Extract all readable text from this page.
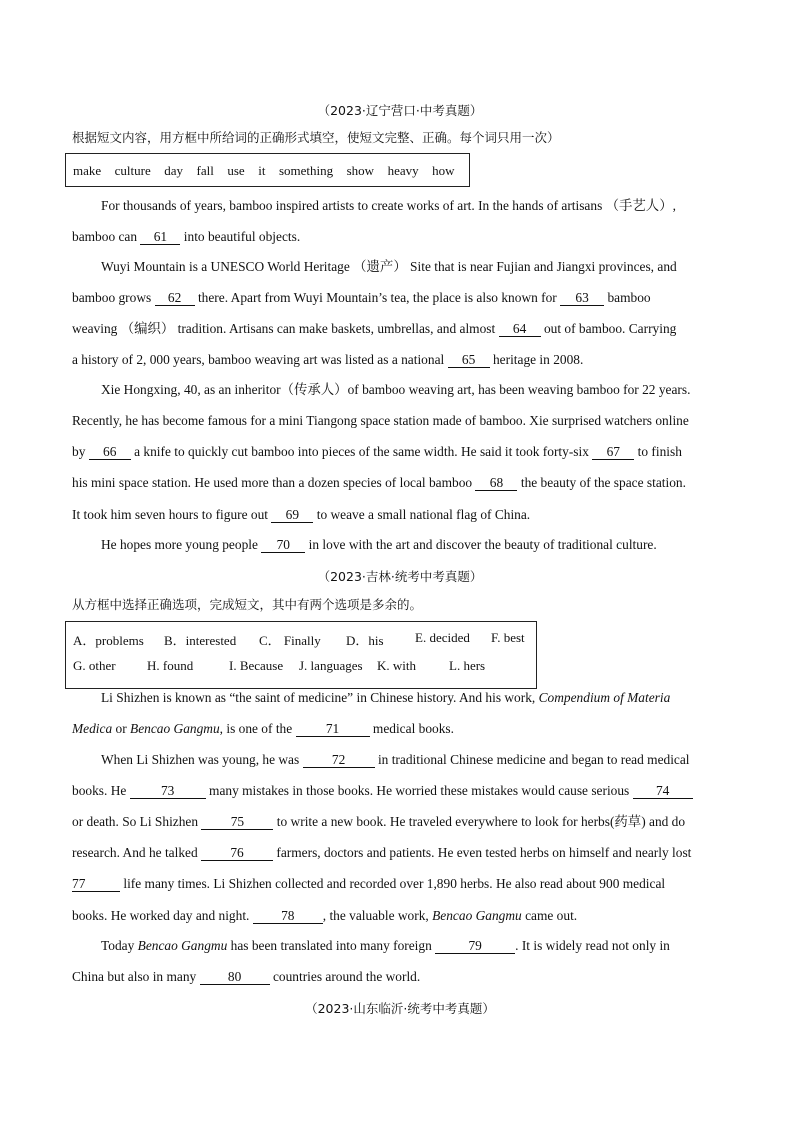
（2023·辽宁营口·中考真题）
根据短文内容，用方框中所给词的正确形式填空，使短文完整、正确。每个词只用一次）
make culture day fall use it something show heavy how
For thousands of years, bamboo inspired artists to create works of art. In the hands of artisans （手艺人）,
bamboo can 61 into beautiful objects.
Wuyi Mountain is a UNESCO World Heritage （遗产） Site that is near Fujian and Jiangxi provinces, and
bamboo grows 62 there. Apart from Wuyi Mountain’s tea, the place is also known for 63 bamboo
weaving （编织） tradition. Artisans can make baskets, umbrellas, and almost 64 out of bamboo. Carrying
a history of 2, 000 years, bamboo weaving art was listed as a national 65 heritage in 2008.
Xie Hongxing, 40, as an inheritor（传承人）of bamboo weaving art, has been weaving bamboo for 22 years.
Recently, he has become famous for a mini Tiangong space station made of bamboo. Xie surprised watchers online
by 66 a knife to quickly cut bamboo into pieces of the same width. He said it took forty-six 67 to finish
his mini space station. He used more than a dozen species of local bamboo 68 the beauty of the space station.
It took him seven hours to figure out 69 to weave a small national flag of China.
He hopes more young people 70 in love with the art and discover the beauty of traditional culture.
（2023·吉林·统考中考真题）
从方框中选择正确选项，完成短文，其中有两个选项是多余的。
A．problems B．interested C． Finally D．his E. decided F. best
G. other H. found	I. Because J. languages K. with	L. hers
Li Shizhen is known as “the saint of medicine” in Chinese history. And his work, Compendium of Materia
Medica or Bencao Gangmu, is one of the	71	medical books.
When Li Shizhen was young, he was 72 in traditional Chinese medicine and began to read medical
books. He	73	many mistakes in those books. He worried these mistakes would cause serious 74
or death. So Li Shizhen 75 to write a new book. He traveled everywhere to look for herbs(药草) and do
research. And he talked 76 farmers, doctors and patients. He even tested herbs on himself and nearly lost
77	life many times. Li Shizhen collected and recorded over 1,890 herbs. He also read about 900 medical
books. He worked day and night. 78 , the valuable work, Bencao Gangmu came out.
Today Bencao Gangmu has been translated into many foreign	79 . It is widely read not only in
China but also in many 80 countries around the world.
（2023·山东临沂·统考中考真题）
